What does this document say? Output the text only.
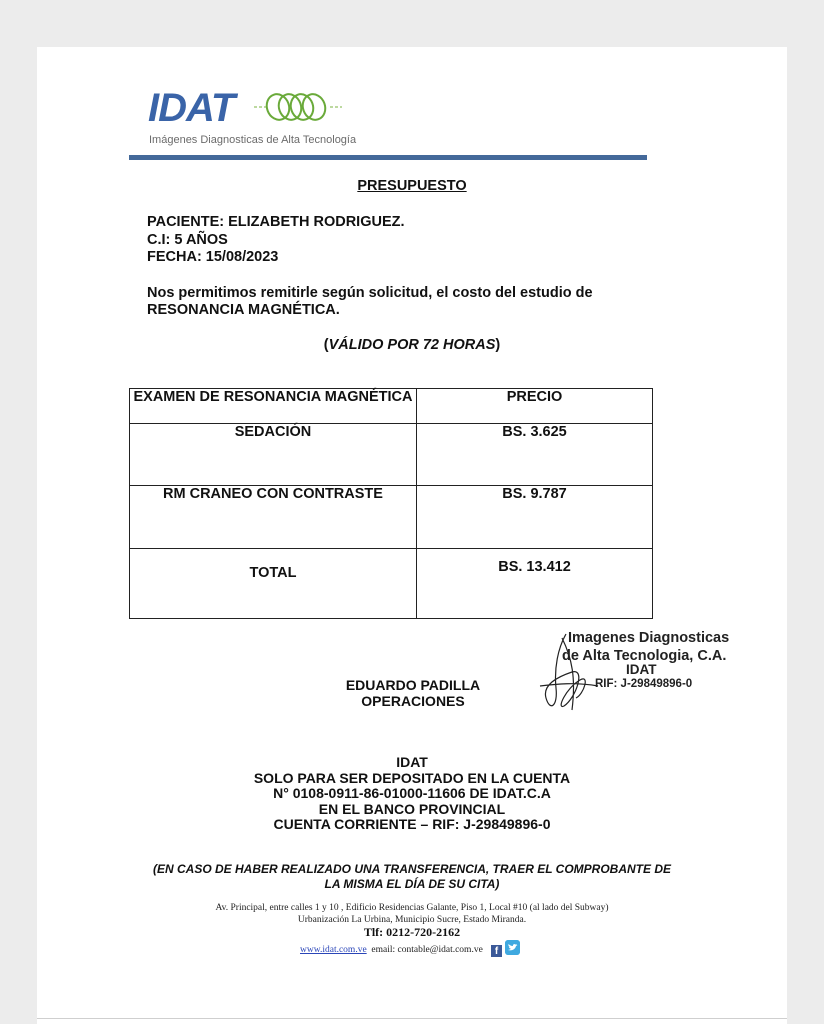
IDAT
Imágenes Diagnosticas de Alta Tecnología
PRESUPUESTO
PACIENTE: ELIZABETH RODRIGUEZ.
C.I: 5 AÑOS
FECHA: 15/08/2023
Nos permitimos remitirle según solicitud, el costo del estudio de
RESONANCIA MAGNÉTICA.
(VÁLIDO POR 72 HORAS)
EXAMEN DE RESONANCIA MAGNÉTICA	PRECIO
SEDACIÓN	BS. 3.625
RM CRANEO CON CONTRASTE	BS. 9.787
TOTAL	BS. 13.412
Imagenes Diagnosticas
de Alta Tecnologia, C.A.
IDAT
RIF: J-29849896-0
EDUARDO PADILLA
OPERACIONES
IDAT
SOLO PARA SER DEPOSITADO EN LA CUENTA
N° 0108-0911-86-01000-11606 DE IDAT.C.A
EN EL BANCO PROVINCIAL
CUENTA CORRIENTE – RIF: J-29849896-0
(EN CASO DE HABER REALIZADO UNA TRANSFERENCIA, TRAER EL COMPROBANTE DE
LA MISMA EL DÍA DE SU CITA)
Av. Principal, entre calles 1 y 10 , Edificio Residencias Galante, Piso 1, Local #10 (al lado del Subway)
Urbanización La Urbina, Municipio Sucre, Estado Miranda.
Tlf: 0212-720-2162
www.idat.com.ve email: contable@idat.com.ve	f
